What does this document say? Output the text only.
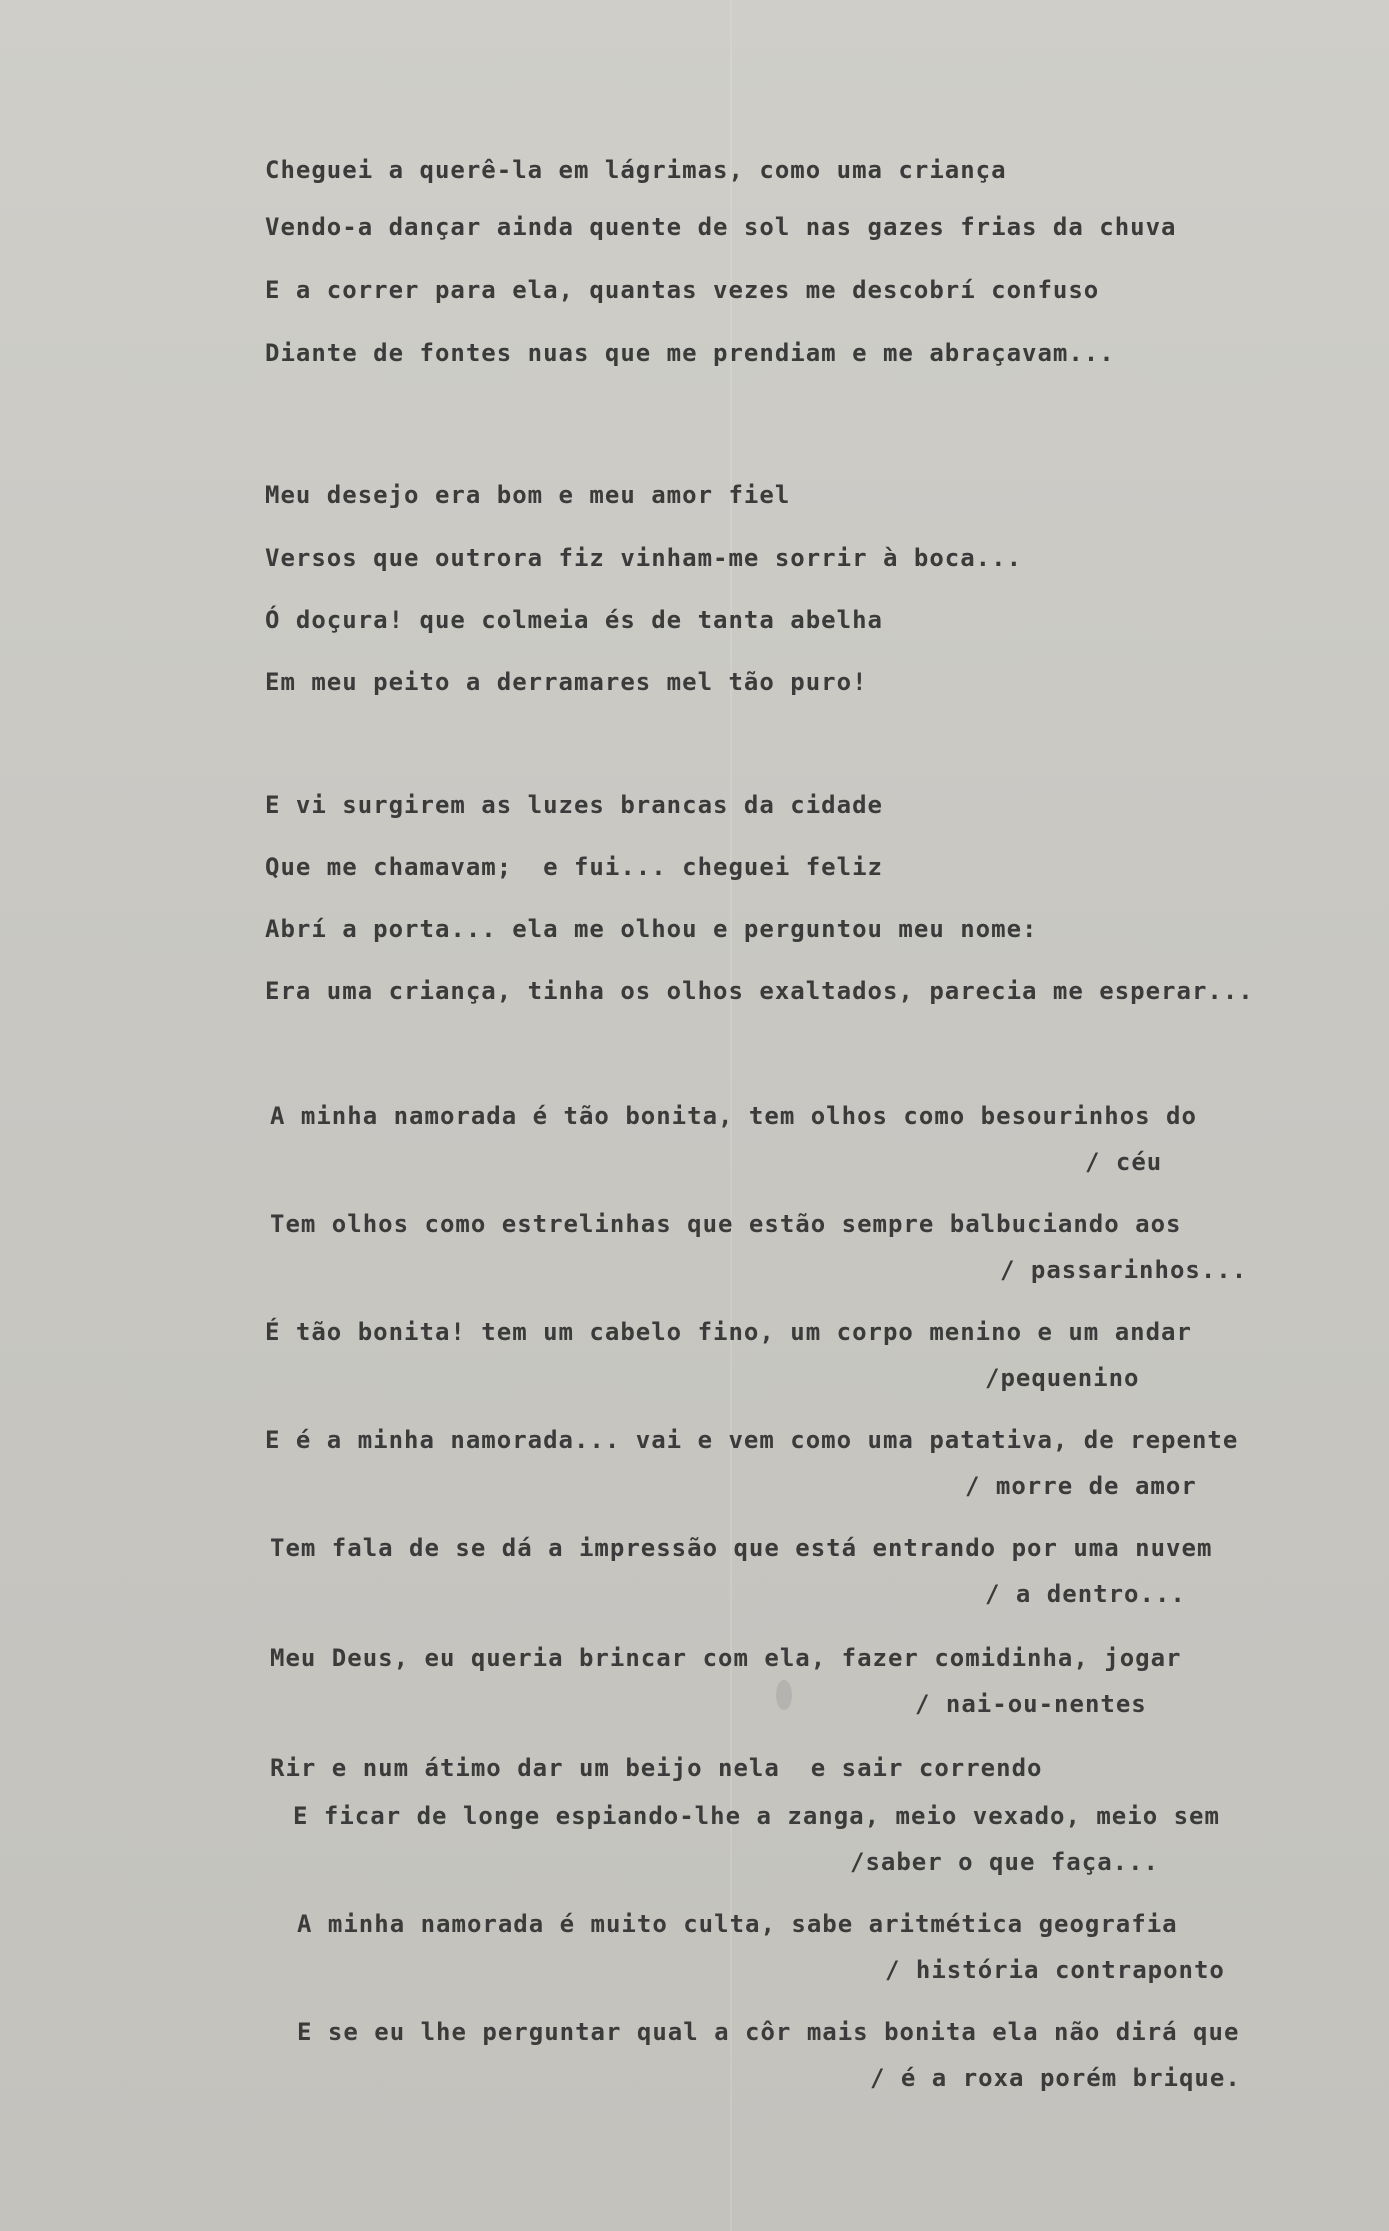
Cheguei a querê-la em lágrimas, como uma criança
Vendo-a dançar ainda quente de sol nas gazes frias da chuva
E a correr para ela, quantas vezes me descobrí confuso
Diante de fontes nuas que me prendiam e me abraçavam...
Meu desejo era bom e meu amor fiel
Versos que outrora fiz vinham-me sorrir à boca...
Ó doçura! que colmeia és de tanta abelha
Em meu peito a derramares mel tão puro!
E vi surgirem as luzes brancas da cidade
Que me chamavam;  e fui... cheguei feliz
Abrí a porta... ela me olhou e perguntou meu nome:
Era uma criança, tinha os olhos exaltados, parecia me esperar...
A minha namorada é tão bonita, tem olhos como besourinhos do
/ céu
Tem olhos como estrelinhas que estão sempre balbuciando aos
/ passarinhos...
É tão bonita! tem um cabelo fino, um corpo menino e um andar
/pequenino
E é a minha namorada... vai e vem como uma patativa, de repente
/ morre de amor
Tem fala de se dá a impressão que está entrando por uma nuvem
/ a dentro...
Meu Deus, eu queria brincar com ela, fazer comidinha, jogar
/ nai-ou-nentes
Rir e num átimo dar um beijo nela  e sair correndo
E ficar de longe espiando-lhe a zanga, meio vexado, meio sem
/saber o que faça...
A minha namorada é muito culta, sabe aritmética geografia
/ história contraponto
E se eu lhe perguntar qual a côr mais bonita ela não dirá que
/ é a roxa porém brique.
